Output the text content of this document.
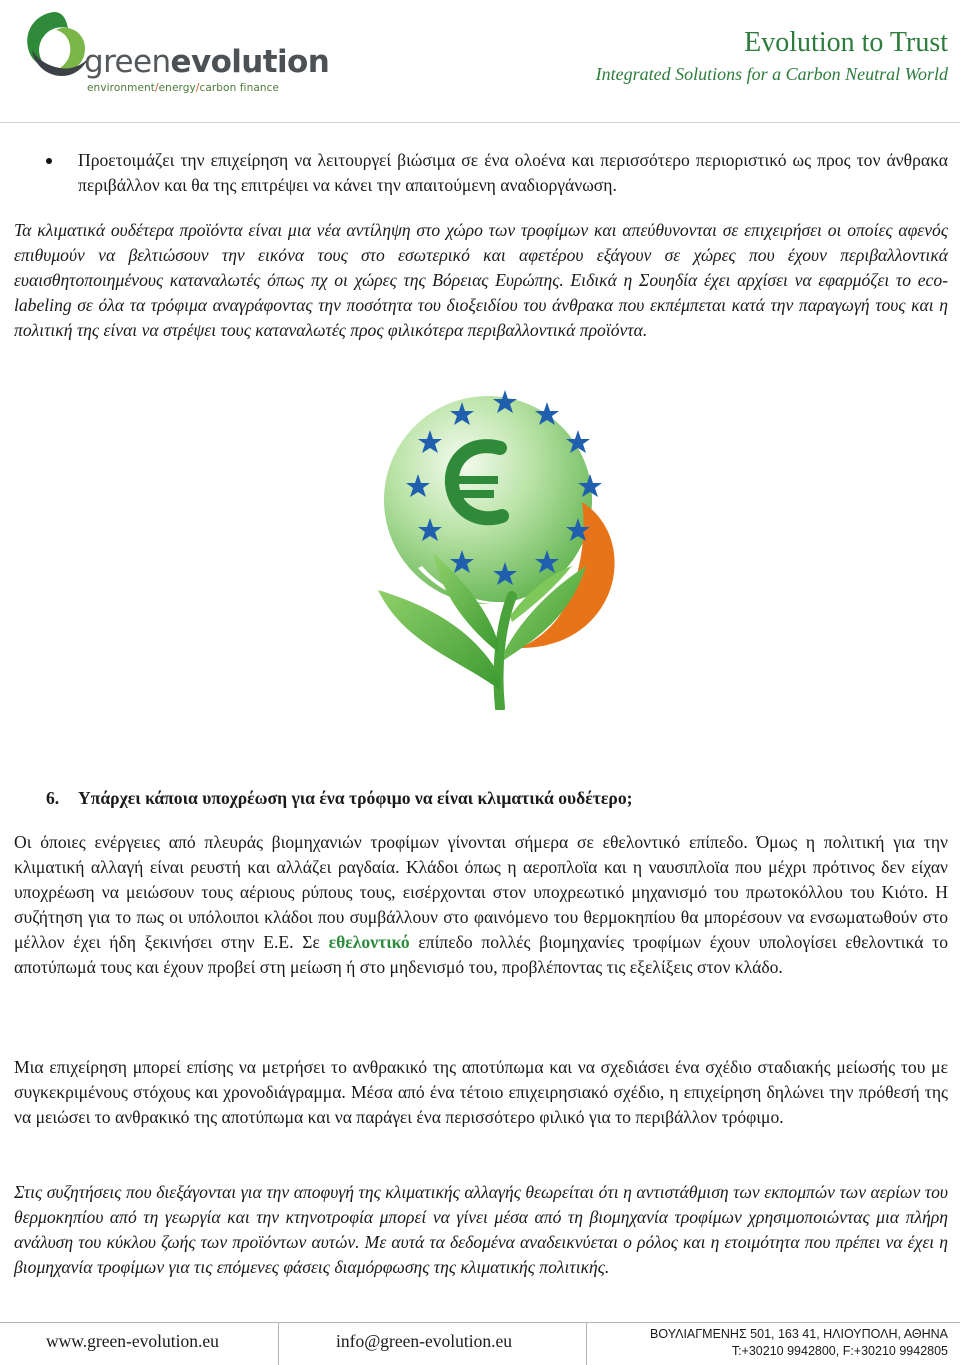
greenevolution
environment/energy/carbon finance
Evolution to Trust
Integrated Solutions for a Carbon Neutral World

Προετοιμάζει την επιχείρηση να λειτουργεί βιώσιμα σε ένα ολοένα και περισσότερο περιοριστικό ως προς τον άνθρακα περιβάλλον και θα της επιτρέψει να κάνει την απαιτούμενη αναδιοργάνωση.

Τα κλιματικά ουδέτερα προϊόντα είναι μια νέα αντίληψη στο χώρο των τροφίμων και απεύθυνονται σε επιχειρήσει οι οποίες αφενός επιθυμούν να βελτιώσουν την εικόνα τους στο εσωτερικό και αφετέρου εξάγουν σε χώρες που έχουν περιβαλλοντικά ευαισθητοποιημένους καταναλωτές όπως πχ οι χώρες της Βόρειας Ευρώπης. Ειδικά η Σουηδία έχει αρχίσει να εφαρμόζει το eco-labeling σε όλα τα τρόφιμα αναγράφοντας την ποσότητα του διοξειδίου του άνθρακα που εκπέμπεται κατά την παραγωγή τους και η πολιτική της είναι να στρέψει τους καταναλωτές προς φιλικότερα περιβαλλοντικά προϊόντα.

6. Υπάρχει κάποια υποχρέωση για ένα τρόφιμο να είναι κλιματικά ουδέτερο;

Οι όποιες ενέργειες από πλευράς βιομηχανιών τροφίμων γίνονται σήμερα σε εθελοντικό επίπεδο. Όμως η πολιτική για την κλιματική αλλαγή είναι ρευστή και αλλάζει ραγδαία. Κλάδοι όπως η αεροπλοϊα και η ναυσιπλοϊα που μέχρι πρότινος δεν είχαν υποχρέωση να μειώσουν τους αέριους ρύπους τους, εισέρχονται στον υποχρεωτικό μηχανισμό του πρωτοκόλλου του Κιότο. Η συζήτηση για το πως οι υπόλοιποι κλάδοι που συμβάλλουν στο φαινόμενο του θερμοκηπίου θα μπορέσουν να ενσωματωθούν στο μέλλον έχει ήδη ξεκινήσει στην Ε.Ε. Σε εθελοντικό επίπεδο πολλές βιομηχανίες τροφίμων έχουν υπολογίσει εθελοντικά το αποτύπωμά τους και έχουν προβεί στη μείωση ή στο μηδενισμό του, προβλέποντας τις εξελίξεις στον κλάδο.

Μια επιχείρηση μπορεί επίσης να μετρήσει το ανθρακικό της αποτύπωμα και να σχεδιάσει ένα σχέδιο σταδιακής μείωσής του με συγκεκριμένους στόχους και χρονοδιάγραμμα. Μέσα από ένα τέτοιο επιχειρησιακό σχέδιο, η επιχείρηση δηλώνει την πρόθεσή της να μειώσει το ανθρακικό της αποτύπωμα και να παράγει ένα περισσότερο φιλικό για το περιβάλλον τρόφιμο.

Στις συζητήσεις που διεξάγονται για την αποφυγή της κλιματικής αλλαγής θεωρείται ότι η αντιστάθμιση των εκπομπών των αερίων του θερμοκηπίου από τη γεωργία και την κτηνοτροφία μπορεί να γίνει μέσα από τη βιομηχανία τροφίμων χρησιμοποιώντας μια πλήρη ανάλυση του κύκλου ζωής των προϊόντων αυτών. Με αυτά τα δεδομένα αναδεικνύεται ο ρόλος και η ετοιμότητα που πρέπει να έχει η βιομηχανία τροφίμων για τις επόμενες φάσεις διαμόρφωσης της κλιματικής πολιτικής.

www.green-evolution.eu	info@green-evolution.eu	ΒΟΥΛΙΑΓΜΕΝΗΣ 501, 163 41, ΗΛΙΟΥΠΟΛΗ, ΑΘΗΝΑ
T:+30210 9942800, F:+30210 9942805
